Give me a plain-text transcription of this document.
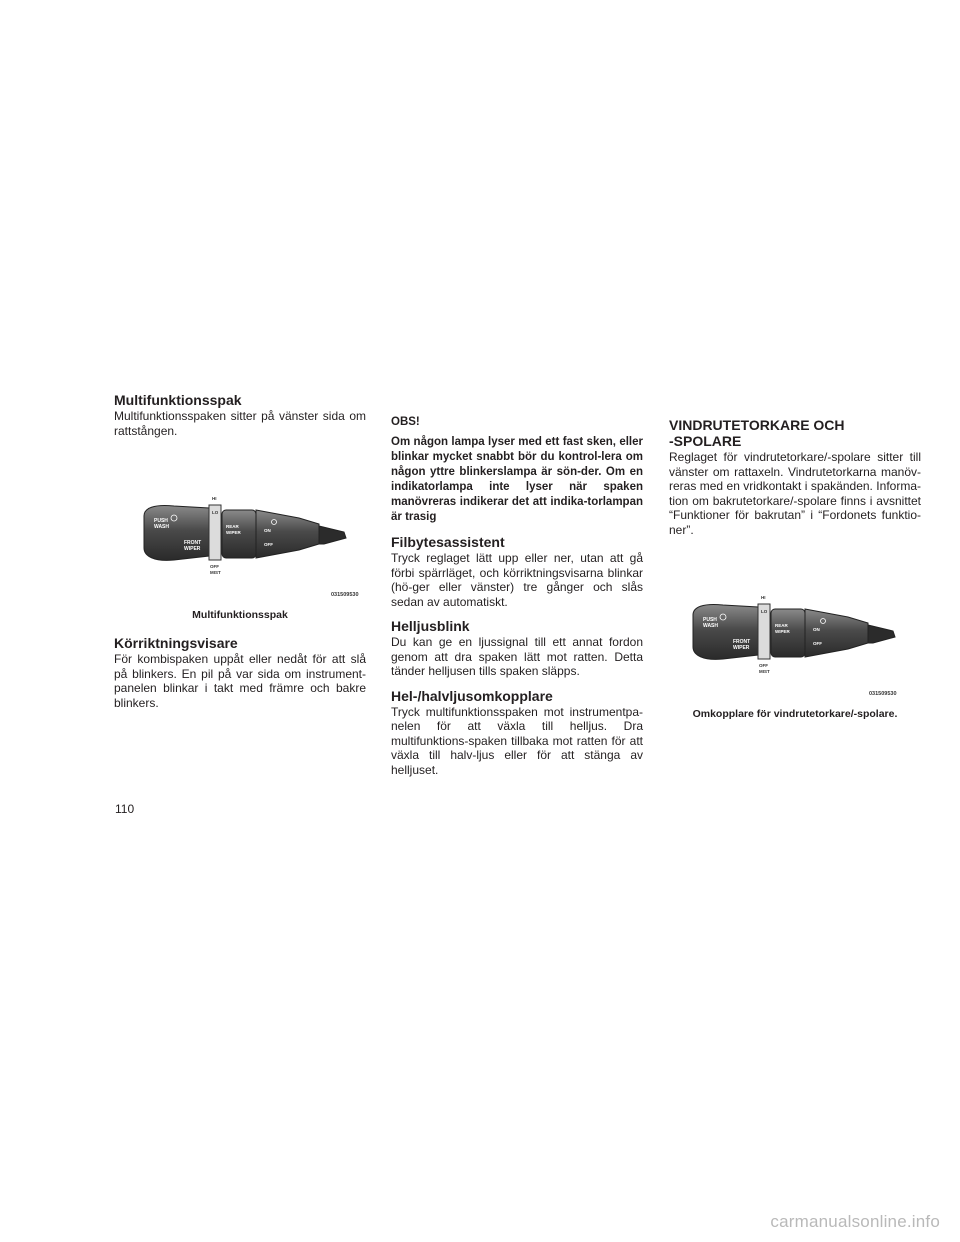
Multifunktionsspak

Multifunktionsspaken sitter på vänster sida om rattstången.

PUSH
WASH
FRONT
WIPER
HI
LO
REAR
WIPER
OFF
MIST
ON
OFF
031509530
Multifunktionsspak
Körriktningsvisare

För kombispaken uppåt eller nedåt för att slå på blinkers. En pil på var sida om instrument-panelen blinkar i takt med främre och bakre blinkers.

OBS!

Om någon lampa lyser med ett fast sken, eller blinkar mycket snabbt bör du kontrol-lera om någon yttre blinkerslampa är sön-der. Om en indikatorlampa inte lyser när spaken manövreras indikerar det att indika-torlampan är trasig

Filbytesassistent

Tryck reglaget lätt upp eller ner, utan att gå förbi spärrläget, och körriktningsvisarna blinkar (hö-ger eller vänster) tre gånger och slås sedan av automatiskt.

Helljusblink

Du kan ge en ljussignal till ett annat fordon genom att dra spaken lätt mot ratten. Detta tänder helljusen tills spaken släpps.

Hel-/halvljusomkopplare

Tryck multifunktionsspaken mot instrumentpa-nelen för att växla till helljus. Dra multifunktions-spaken tillbaka mot ratten för att växla till halv-ljus eller för att stänga av helljuset.

VINDRUTETORKARE OCH
-SPOLARE

Reglaget för vindrutetorkare/-spolare sitter till vänster om rattaxeln. Vindrutetorkarna manöv-reras med en vridkontakt i spakänden. Informa-tion om bakrutetorkare/-spolare finns i avsnittet “Funktioner för bakrutan” i “Fordonets funktio-ner”.

PUSH
WASH
FRONT
WIPER
HI
LO
REAR
WIPER
OFF
MIST
ON
OFF
031509530
Omkopplare för vindrutetorkare/-spolare.
110
carmanualsonline.info
